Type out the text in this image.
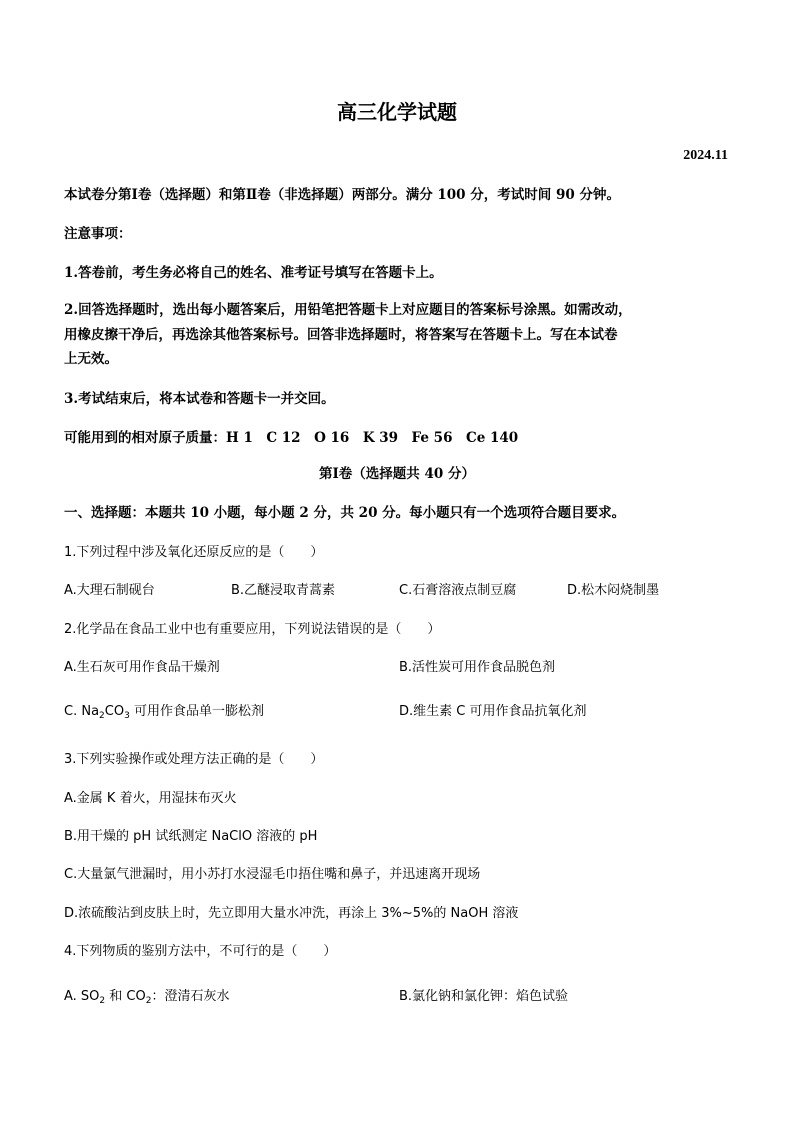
高三化学试题
2024.11
本试卷分第Ⅰ卷（选择题）和第Ⅱ卷（非选择题）两部分。满分 100 分，考试时间 90 分钟。
注意事项：
1.答卷前，考生务必将自己的姓名、准考证号填写在答题卡上。
2.回答选择题时，选出每小题答案后，用铅笔把答题卡上对应题目的答案标号涂黑。如需改动，
用橡皮擦干净后，再选涂其他答案标号。回答非选择题时，将答案写在答题卡上。写在本试卷
上无效。
3.考试结束后，将本试卷和答题卡一并交回。
可能用到的相对原子质量：H 1　C 12　O 16　K 39　Fe 56　Ce 140
第Ⅰ卷（选择题共 40 分）
一、选择题：本题共 10 小题，每小题 2 分，共 20 分。每小题只有一个选项符合题目要求。
1.下列过程中涉及氧化还原反应的是（　　）
A.大理石制砚台	B.乙醚浸取青蒿素	C.石膏溶液点制豆腐	D.松木闷烧制墨
2.化学品在食品工业中也有重要应用，下列说法错误的是（　　）
A.生石灰可用作食品干燥剂	B.活性炭可用作食品脱色剂
C. $Na_2CO_3$ 可用作食品单一膨松剂	D.维生素 C 可用作食品抗氧化剂
3.下列实验操作或处理方法正确的是（　　）
A.金属 K 着火，用湿抹布灭火
B.用干燥的 pH 试纸测定 NaClO 溶液的 pH
C.大量氯气泄漏时，用小苏打水浸湿毛巾捂住嘴和鼻子，并迅速离开现场
D.浓硫酸沾到皮肤上时，先立即用大量水冲洗，再涂上 3%~5%的 NaOH 溶液
4.下列物质的鉴别方法中，不可行的是（　　）
A. $SO_2$ 和 $CO_2$：澄清石灰水	B.氯化钠和氯化钾：焰色试验
